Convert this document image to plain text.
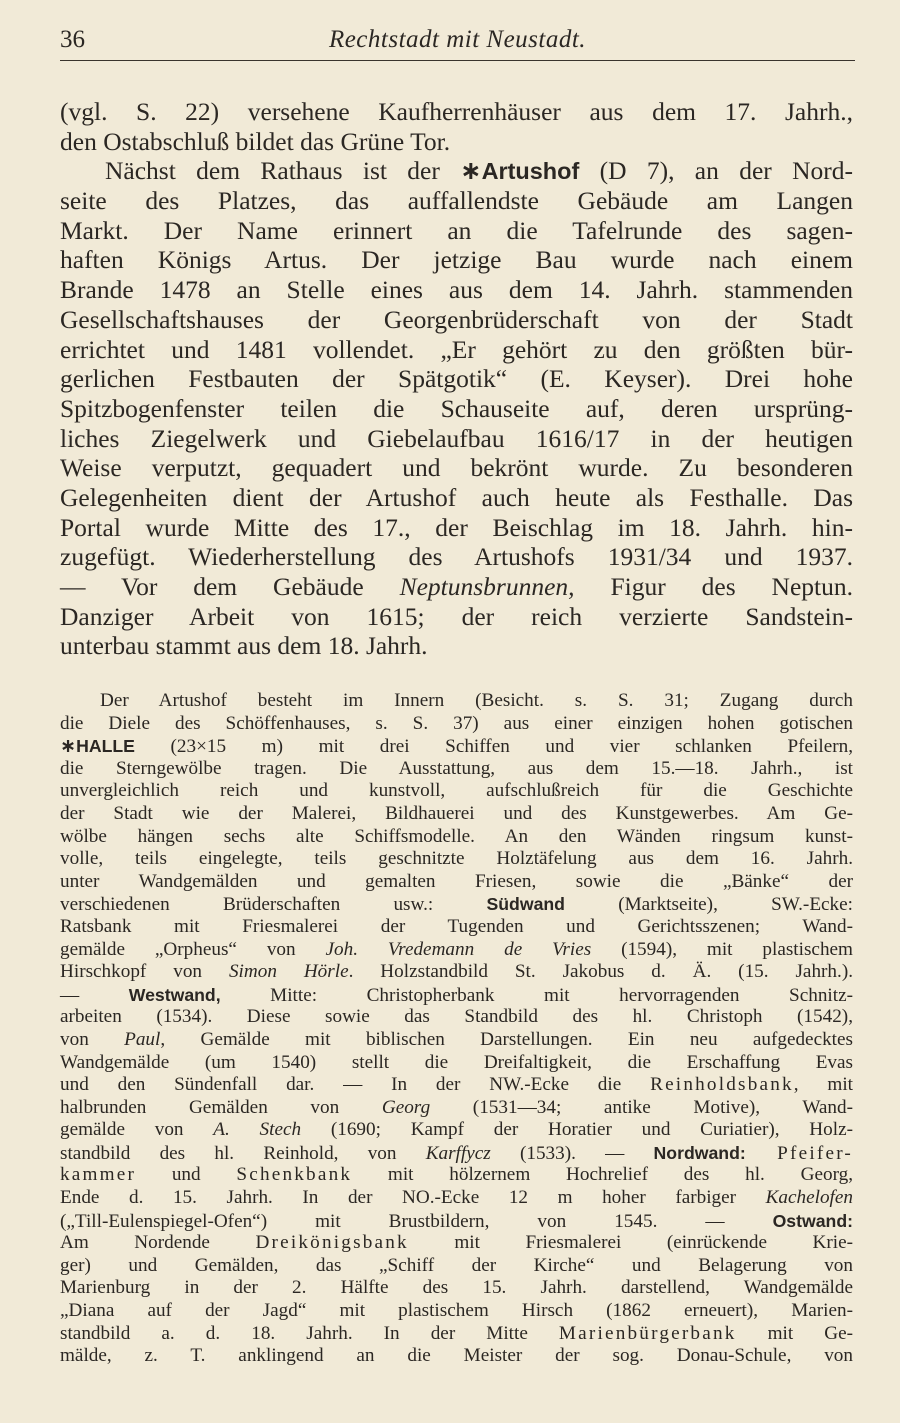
36	Rechtstadt mit Neustadt.
(vgl. S. 22) versehene Kaufherrenhäuser aus dem 17. Jahrh.,
den Ostabschluß bildet das Grüne Tor.
Nächst dem Rathaus ist der ∗Artushof (D 7), an der Nord-
seite des Platzes, das auffallendste Gebäude am Langen
Markt. Der Name erinnert an die Tafelrunde des sagen-
haften Königs Artus. Der jetzige Bau wurde nach einem
Brande 1478 an Stelle eines aus dem 14. Jahrh. stammenden
Gesellschaftshauses der Georgenbrüderschaft von der Stadt
errichtet und 1481 vollendet. „Er gehört zu den größten bür-
gerlichen Festbauten der Spätgotik“ (E. Keyser). Drei hohe
Spitzbogenfenster teilen die Schauseite auf, deren ursprüng-
liches Ziegelwerk und Giebelaufbau 1616/17 in der heutigen
Weise verputzt, gequadert und bekrönt wurde. Zu besonderen
Gelegenheiten dient der Artushof auch heute als Festhalle. Das
Portal wurde Mitte des 17., der Beischlag im 18. Jahrh. hin-
zugefügt. Wiederherstellung des Artushofs 1931/34 und 1937.
— Vor dem Gebäude Neptunsbrunnen, Figur des Neptun.
Danziger Arbeit von 1615; der reich verzierte Sandstein-
unterbau stammt aus dem 18. Jahrh.
Der Artushof besteht im Innern (Besicht. s. S. 31; Zugang durch
die Diele des Schöffenhauses, s. S. 37) aus einer einzigen hohen gotischen
∗HALLE (23×15 m) mit drei Schiffen und vier schlanken Pfeilern,
die Sterngewölbe tragen. Die Ausstattung, aus dem 15.—18. Jahrh., ist
unvergleichlich reich und kunstvoll, aufschlußreich für die Geschichte
der Stadt wie der Malerei, Bildhauerei und des Kunstgewerbes. Am Ge-
wölbe hängen sechs alte Schiffsmodelle. An den Wänden ringsum kunst-
volle, teils eingelegte, teils geschnitzte Holztäfelung aus dem 16. Jahrh.
unter Wandgemälden und gemalten Friesen, sowie die „Bänke“ der
verschiedenen Brüderschaften usw.: Südwand (Marktseite), SW.-Ecke:
Ratsbank mit Friesmalerei der Tugenden und Gerichtsszenen; Wand-
gemälde „Orpheus“ von Joh. Vredemann de Vries (1594), mit plastischem
Hirschkopf von Simon Hörle. Holzstandbild St. Jakobus d. Ä. (15. Jahrh.).
— Westwand, Mitte: Christopherbank mit hervorragenden Schnitz-
arbeiten (1534). Diese sowie das Standbild des hl. Christoph (1542),
von Paul, Gemälde mit biblischen Darstellungen. Ein neu aufgedecktes
Wandgemälde (um 1540) stellt die Dreifaltigkeit, die Erschaffung Evas
und den Sündenfall dar. — In der NW.-Ecke die Reinholdsbank, mit
halbrunden Gemälden von Georg (1531—34; antike Motive), Wand-
gemälde von A. Stech (1690; Kampf der Horatier und Curiatier), Holz-
standbild des hl. Reinhold, von Karffycz (1533). — Nordwand: Pfeifer-
kammer und Schenkbank mit hölzernem Hochrelief des hl. Georg,
Ende d. 15. Jahrh. In der NO.-Ecke 12 m hoher farbiger Kachelofen
(„Till-Eulenspiegel-Ofen“) mit Brustbildern, von 1545. — Ostwand:
Am Nordende Dreikönigsbank mit Friesmalerei (einrückende Krie-
ger) und Gemälden, das „Schiff der Kirche“ und Belagerung von
Marienburg in der 2. Hälfte des 15. Jahrh. darstellend, Wandgemälde
„Diana auf der Jagd“ mit plastischem Hirsch (1862 erneuert), Marien-
standbild a. d. 18. Jahrh. In der Mitte Marienbürgerbank mit Ge-
mälde, z. T. anklingend an die Meister der sog. Donau-Schule, von
